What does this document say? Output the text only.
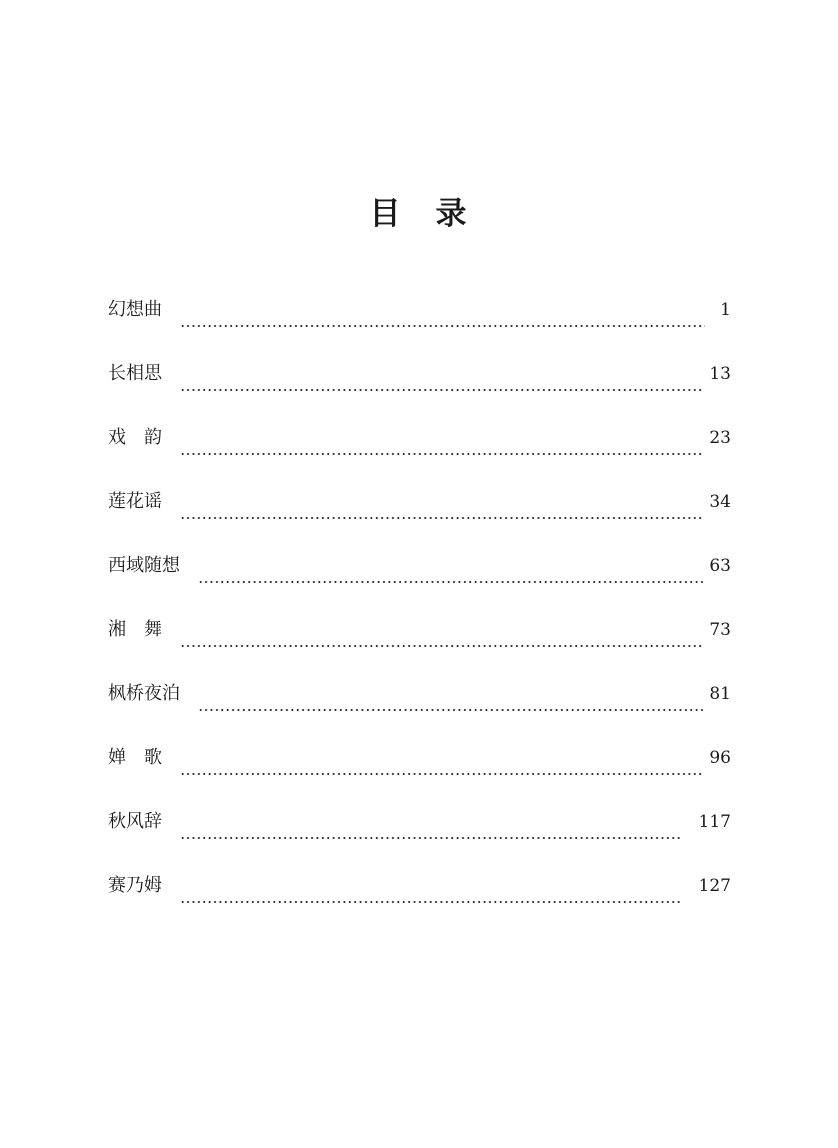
目　录
幻想曲	1
长相思	13
戏　韵	23
莲花谣	34
西域随想	63
湘　舞	73
枫桥夜泊	81
婵　歌	96
秋风辞	117
赛乃姆	127
